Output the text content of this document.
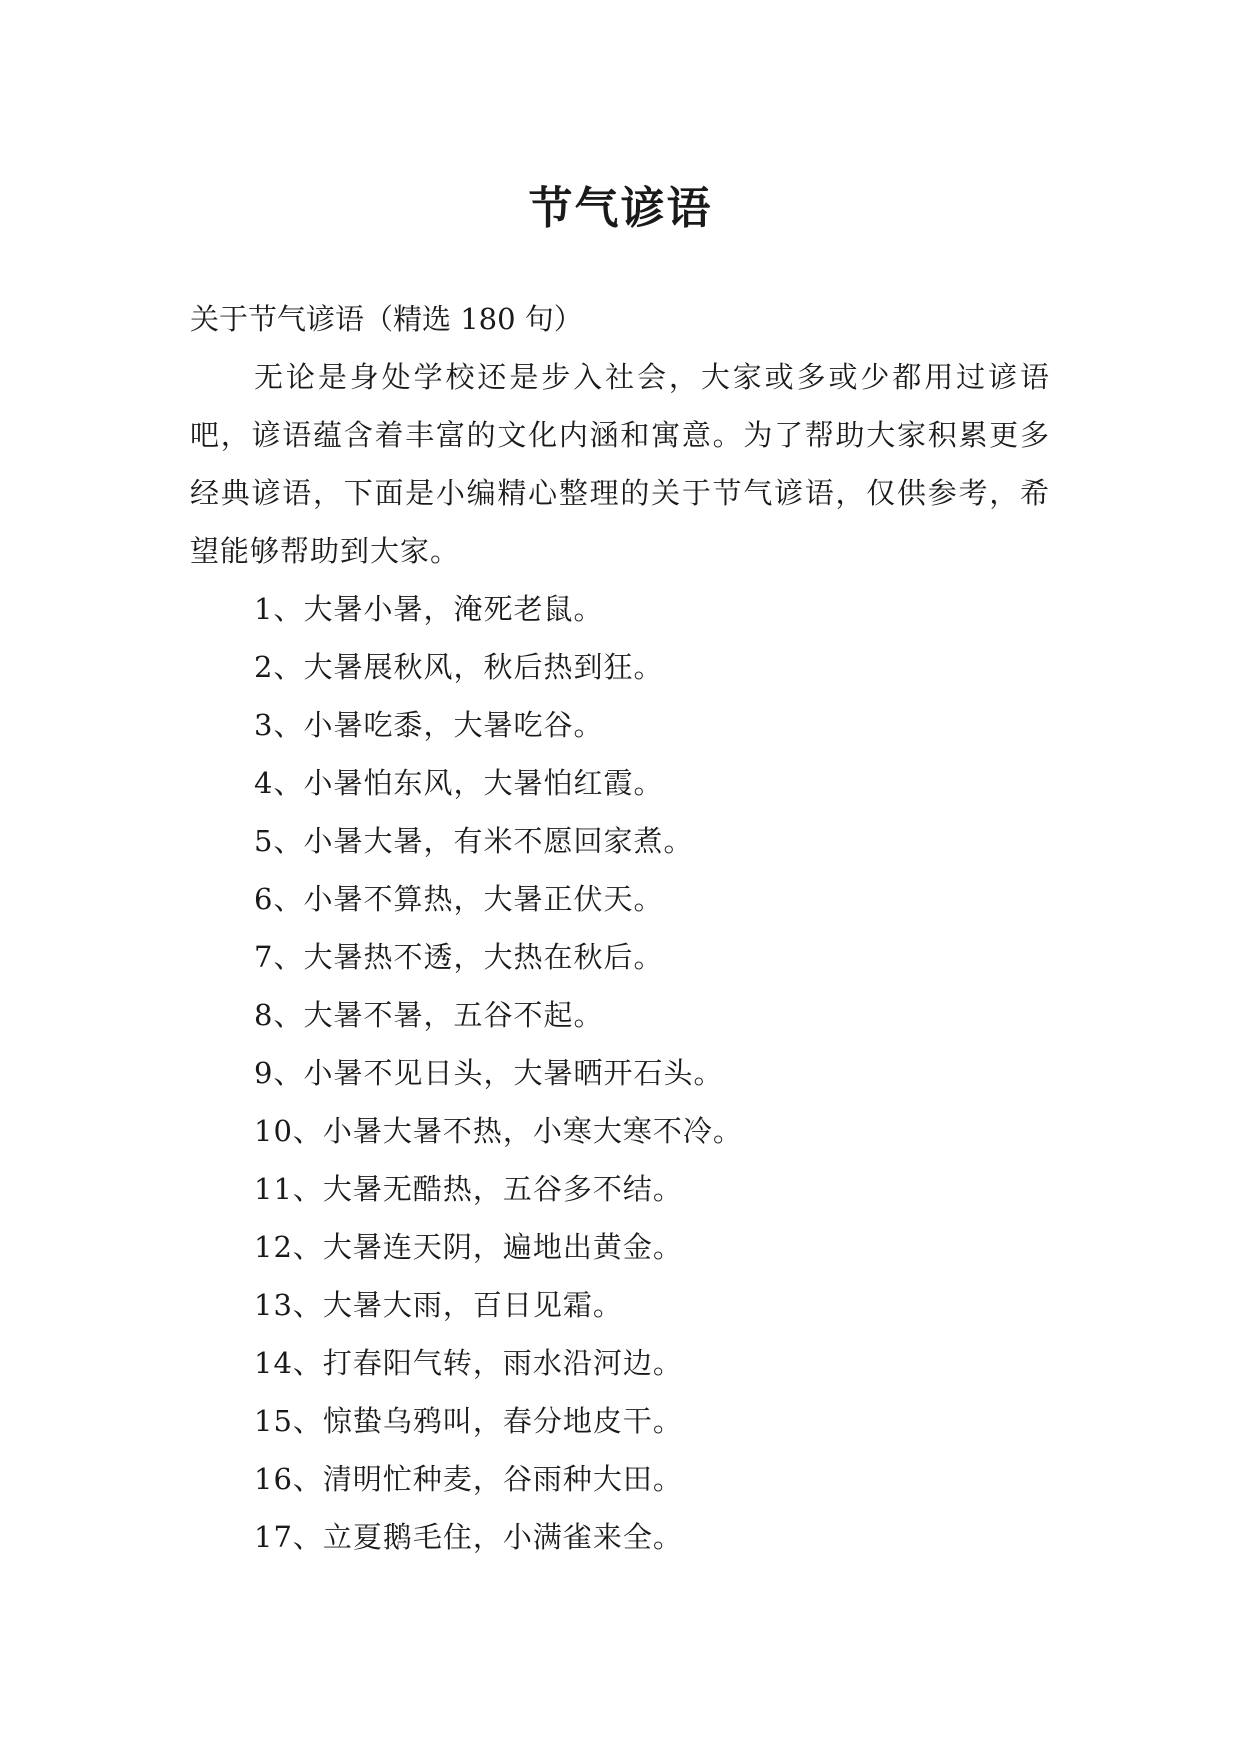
节气谚语

关于节气谚语（精选 180 句）

无论是身处学校还是步入社会，大家或多或少都用过谚语吧，谚语蕴含着丰富的文化内涵和寓意。为了帮助大家积累更多经典谚语，下面是小编精心整理的关于节气谚语，仅供参考，希望能够帮助到大家。

1、大暑小暑，淹死老鼠。
2、大暑展秋风，秋后热到狂。
3、小暑吃黍，大暑吃谷。
4、小暑怕东风，大暑怕红霞。
5、小暑大暑，有米不愿回家煮。
6、小暑不算热，大暑正伏天。
7、大暑热不透，大热在秋后。
8、大暑不暑，五谷不起。
9、小暑不见日头，大暑晒开石头。
10、小暑大暑不热，小寒大寒不冷。
11、大暑无酷热，五谷多不结。
12、大暑连天阴，遍地出黄金。
13、大暑大雨，百日见霜。
14、打春阳气转，雨水沿河边。
15、惊蛰乌鸦叫，春分地皮干。
16、清明忙种麦，谷雨种大田。
17、立夏鹅毛住，小满雀来全。
